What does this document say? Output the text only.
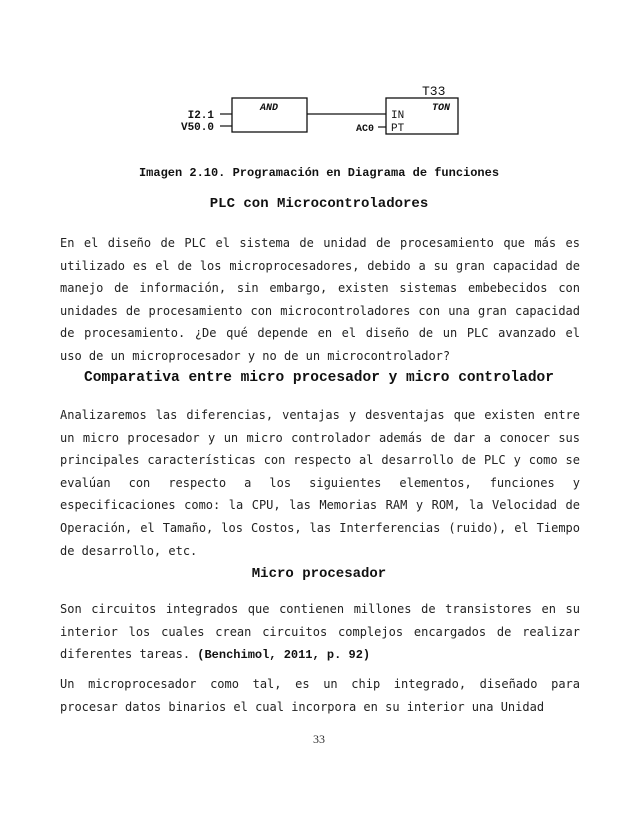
AND
I2.1
V50.0
T33
TON
IN
PT
AC0
Imagen 2.10. Programación en Diagrama de funciones
PLC con Microcontroladores
En el diseño de PLC el sistema de unidad de procesamiento que más es utilizado es el de los microprocesadores, debido a su gran capacidad de manejo de información, sin embargo, existen sistemas embebecidos con unidades de procesamiento con microcontroladores con una gran capacidad de procesamiento. ¿De qué depende en el diseño de un PLC avanzado el uso de un microprocesador y no de un microcontrolador?
Comparativa entre micro procesador y micro controlador
Analizaremos las diferencias, ventajas y desventajas que existen entre un micro procesador y un micro controlador además de dar a conocer sus principales características con respecto al desarrollo de PLC y como se evalúan con respecto a los siguientes elementos, funciones y especificaciones como: la CPU, las Memorias RAM y ROM, la Velocidad de Operación, el Tamaño, los Costos, las Interferencias (ruido), el Tiempo de desarrollo, etc.
Micro procesador
Son circuitos integrados que contienen millones de transistores en su interior los cuales crean circuitos complejos encargados de realizar diferentes tareas. (Benchimol, 2011, p. 92)
Un microprocesador como tal, es un chip integrado, diseñado para procesar datos binarios el cual incorpora en su interior una Unidad
33
